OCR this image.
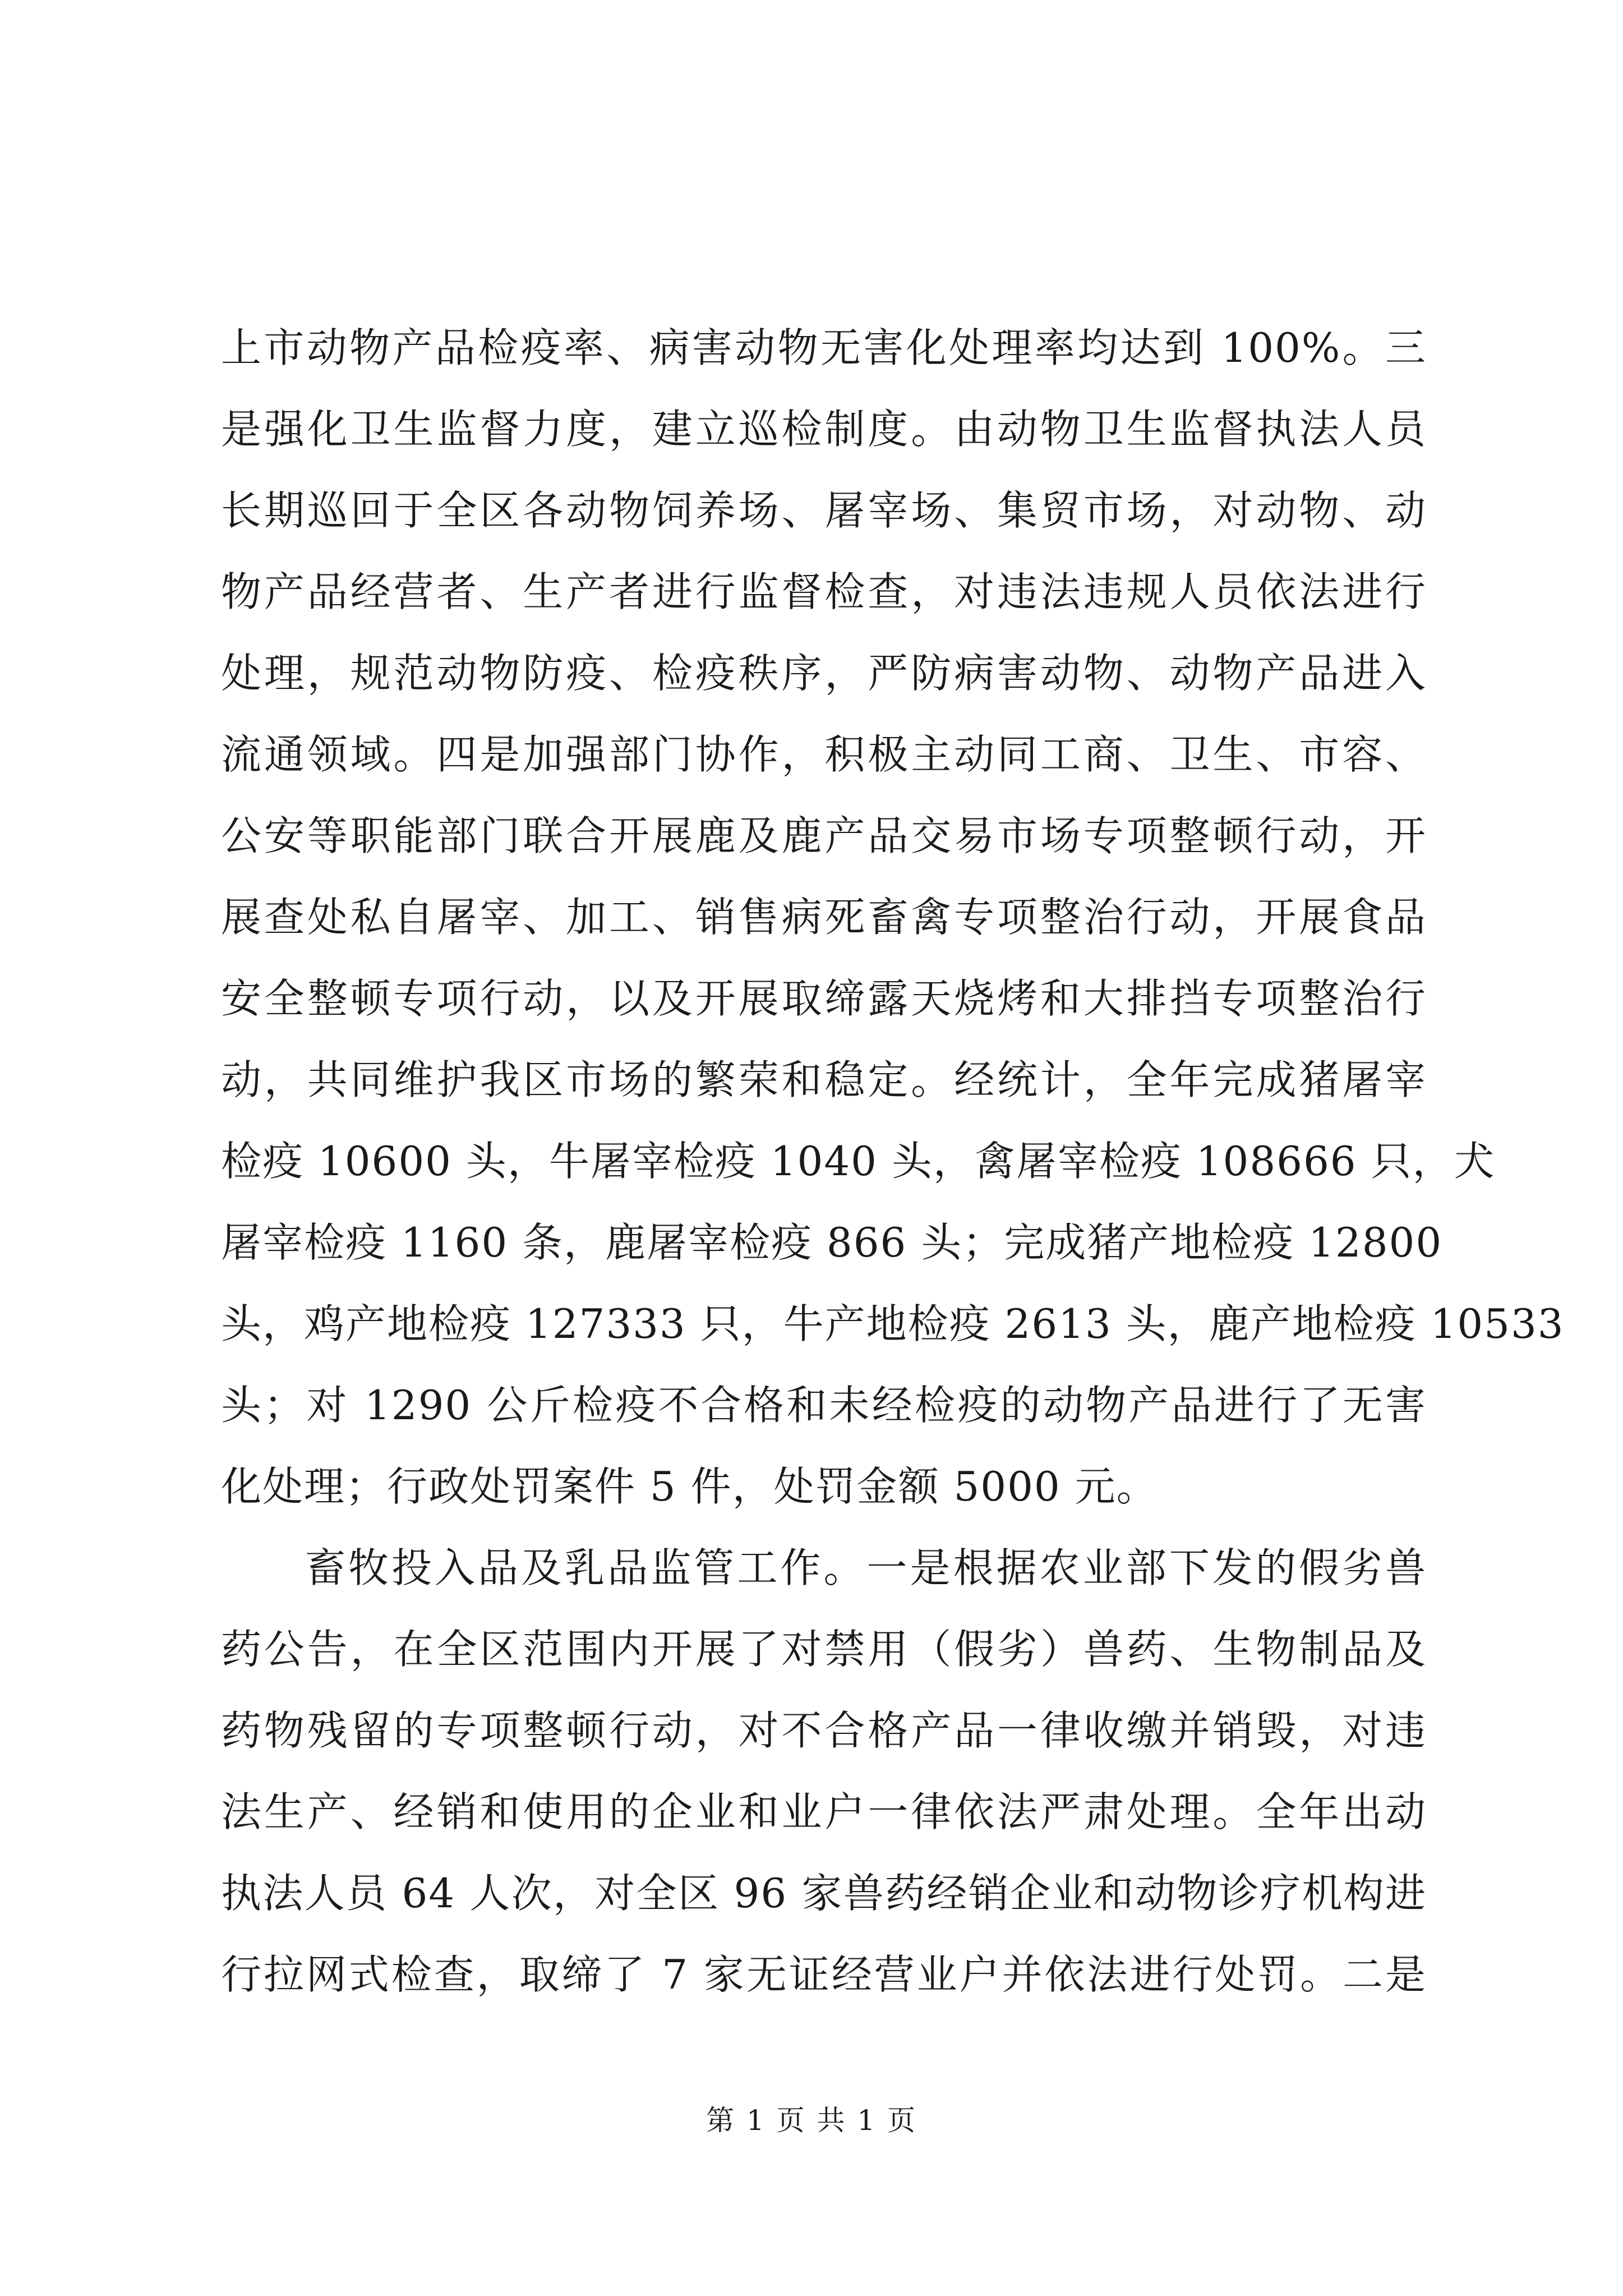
上市动物产品检疫率、病害动物无害化处理率均达到 100%。三
是强化卫生监督力度，建立巡检制度。由动物卫生监督执法人员
长期巡回于全区各动物饲养场、屠宰场、集贸市场，对动物、动
物产品经营者、生产者进行监督检查，对违法违规人员依法进行
处理，规范动物防疫、检疫秩序，严防病害动物、动物产品进入
流通领域。四是加强部门协作，积极主动同工商、卫生、市容、
公安等职能部门联合开展鹿及鹿产品交易市场专项整顿行动，开
展查处私自屠宰、加工、销售病死畜禽专项整治行动，开展食品
安全整顿专项行动，以及开展取缔露天烧烤和大排挡专项整治行
动，共同维护我区市场的繁荣和稳定。经统计，全年完成猪屠宰
检疫 10600 头，牛屠宰检疫 1040 头，禽屠宰检疫 108666 只，犬
屠宰检疫 1160 条，鹿屠宰检疫 866 头；完成猪产地检疫 12800
头，鸡产地检疫 127333 只，牛产地检疫 2613 头，鹿产地检疫 10533
头；对 1290 公斤检疫不合格和未经检疫的动物产品进行了无害
化处理；行政处罚案件 5 件，处罚金额 5000 元。
畜牧投入品及乳品监管工作。一是根据农业部下发的假劣兽
药公告，在全区范围内开展了对禁用（假劣）兽药、生物制品及
药物残留的专项整顿行动，对不合格产品一律收缴并销毁，对违
法生产、经销和使用的企业和业户一律依法严肃处理。全年出动
执法人员 64 人次，对全区 96 家兽药经销企业和动物诊疗机构进
行拉网式检查，取缔了 7 家无证经营业户并依法进行处罚。二是
第 1 页 共 1 页
